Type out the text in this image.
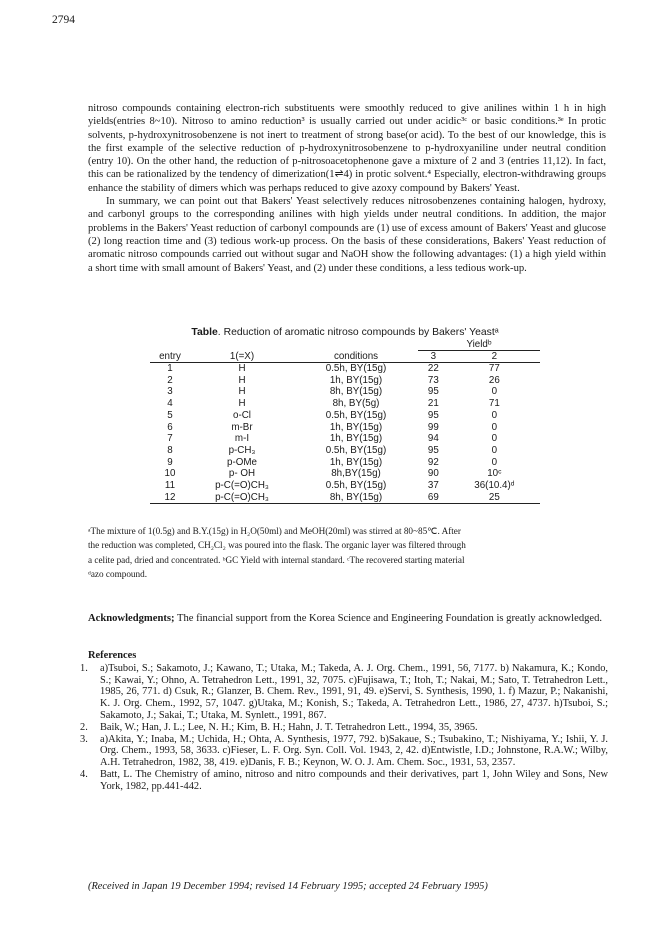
2794

nitroso compounds containing electron-rich substituents were smoothly reduced to give anilines within 1 h in high yields(entries 8~10). Nitroso to amino reduction³ is usually carried out under acidic³ᶜ or basic conditions.³ᵉ In protic solvents, p-hydroxynitrosobenzene is not inert to treatment of strong base(or acid). To the best of our knowledge, this is the first example of the selective reduction of p-hydroxynitrosobenzene to p-hydroxyaniline under neutral condition (entry 10). On the other hand, the reduction of p-nitrosoacetophenone gave a mixture of 2 and 3 (entries 11,12). In fact, this can be rationalized by the tendency of dimerization(1⇌4) in protic solvent.⁴ Especially, electron-withdrawing groups enhance the stability of dimers which was perhaps reduced to give azoxy compound by Bakers' Yeast.

In summary, we can point out that Bakers' Yeast selectively reduces nitrosobenzenes containing halogen, hydroxy, and carbonyl groups to the corresponding anilines with high yields under neutral conditions. In addition, the major problems in the Bakers' Yeast reduction of carbonyl compounds are (1) use of excess amount of Bakers' Yeast and glucose (2) long reaction time and (3) tedious work-up process. On the basis of these considerations, Bakers' Yeast reduction of aromatic nitroso compounds carried out without sugar and NaOH show the following advantages: (1) a high yield within a short time with small amount of Bakers' Yeast, and (2) under these conditions, a less tedious work-up.

Table. Reduction of aromatic nitroso compounds by Bakers' Yeastᵃ
			Yieldᵇ	
entry	1(=X)	conditions	3	2
1	H	0.5h, BY(15g)	22	77
2	H	1h, BY(15g)	73	26
3	H	8h, BY(15g)	95	0
4	H	8h, BY(5g)	21	71
5	o-Cl	0.5h, BY(15g)	95	0
6	m-Br	1h, BY(15g)	99	0
7	m-I	1h, BY(15g)	94	0
8	p-CH₃	0.5h, BY(15g)	95	0
9	p-OMe	1h, BY(15g)	92	0
10	p- OH	8h,BY(15g)	90	10ᶜ
11	p-C(=O)CH₃	0.5h, BY(15g)	37	36(10.4)ᵈ
12	p-C(=O)CH₃	8h, BY(15g)	69	25

ᵃThe mixture of 1(0.5g) and B.Y.(15g) in H₂O(50ml) and MeOH(20ml) was stirred at 80~85℃. After

the reduction was completed, CH₂Cl₂ was poured into the flask. The organic layer was filtered through

a celite pad, dried and concentrated. ᵇGC Yield with internal standard. ᶜThe recovered starting material

ᵈazo compound.

Acknowledgments; The financial support from the Korea Science and Engineering Foundation is greatly acknowledged.
References
1.	a)Tsuboi, S.; Sakamoto, J.; Kawano, T.; Utaka, M.; Takeda, A. J. Org. Chem., 1991, 56, 7177. b) Nakamura, K.; Kondo, S.; Kawai, Y.; Ohno, A. Tetrahedron Lett., 1991, 32, 7075. c)Fujisawa, T.; Itoh, T.; Nakai, M.; Sato, T. Tetrahedron Lett., 1985, 26, 771. d) Csuk, R.; Glanzer, B. Chem. Rev., 1991, 91, 49. e)Servi, S. Synthesis, 1990, 1. f) Mazur, P.; Nakanishi, K. J. Org. Chem., 1992, 57, 1047. g)Utaka, M.; Konish, S.; Takeda, A. Tetrahedron Lett., 1986, 27, 4737. h)Tsuboi, S.; Sakamoto, J.; Sakai, T.; Utaka, M. Synlett., 1991, 867.
2.	Baik, W.; Han, J. L.; Lee, N. H.; Kim, B. H.; Hahn, J. T. Tetrahedron Lett., 1994, 35, 3965.
3.	a)Akita, Y.; Inaba, M.; Uchida, H.; Ohta, A. Synthesis, 1977, 792. b)Sakaue, S.; Tsubakino, T.; Nishiyama, Y.; Ishii, Y. J. Org. Chem., 1993, 58, 3633. c)Fieser, L. F. Org. Syn. Coll. Vol. 1943, 2, 42. d)Entwistle, I.D.; Johnstone, R.A.W.; Wilby, A.H. Tetrahedron, 1982, 38, 419. e)Danis, F. B.; Keynon, W. O. J. Am. Chem. Soc., 1931, 53, 2357.
4.	Batt, L. The Chemistry of amino, nitroso and nitro compounds and their derivatives, part 1, John Wiley and Sons, New York, 1982, pp.441-442.
(Received in Japan 19 December 1994; revised 14 February 1995; accepted 24 February 1995)
